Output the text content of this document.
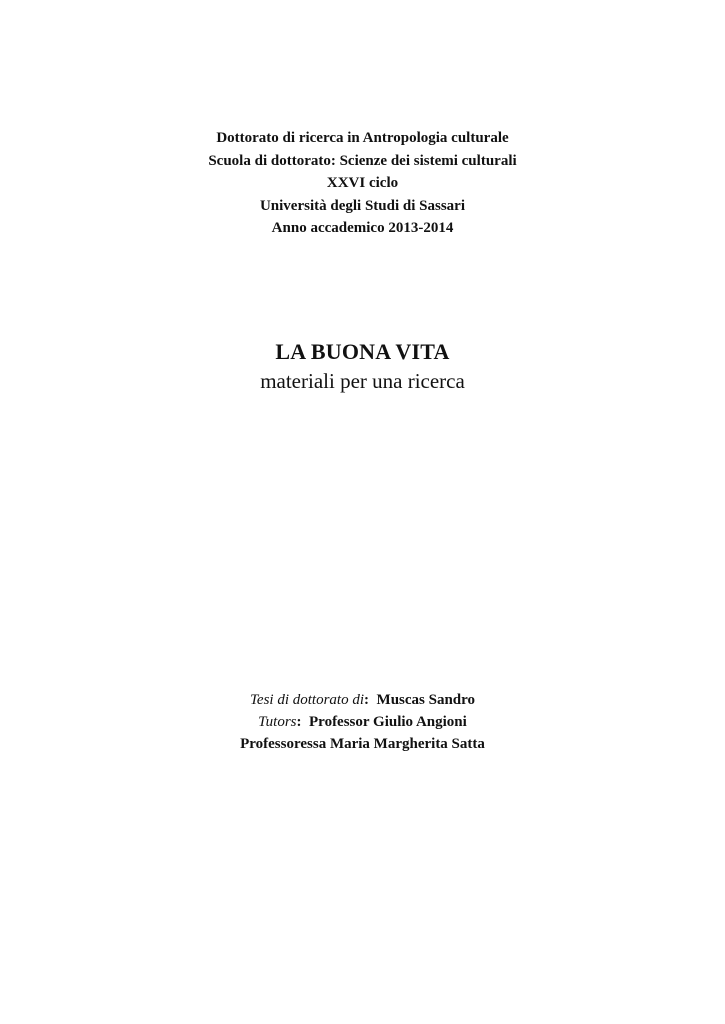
Dottorato di ricerca in Antropologia culturale
Scuola di dottorato: Scienze dei sistemi culturali
XXVI ciclo
Università degli Studi di Sassari
Anno accademico 2013-2014
LA BUONA VITA
materiali per una ricerca
Tesi di dottorato di:  Muscas Sandro
Tutors:  Professor Giulio Angioni
Professoressa Maria Margherita Satta
